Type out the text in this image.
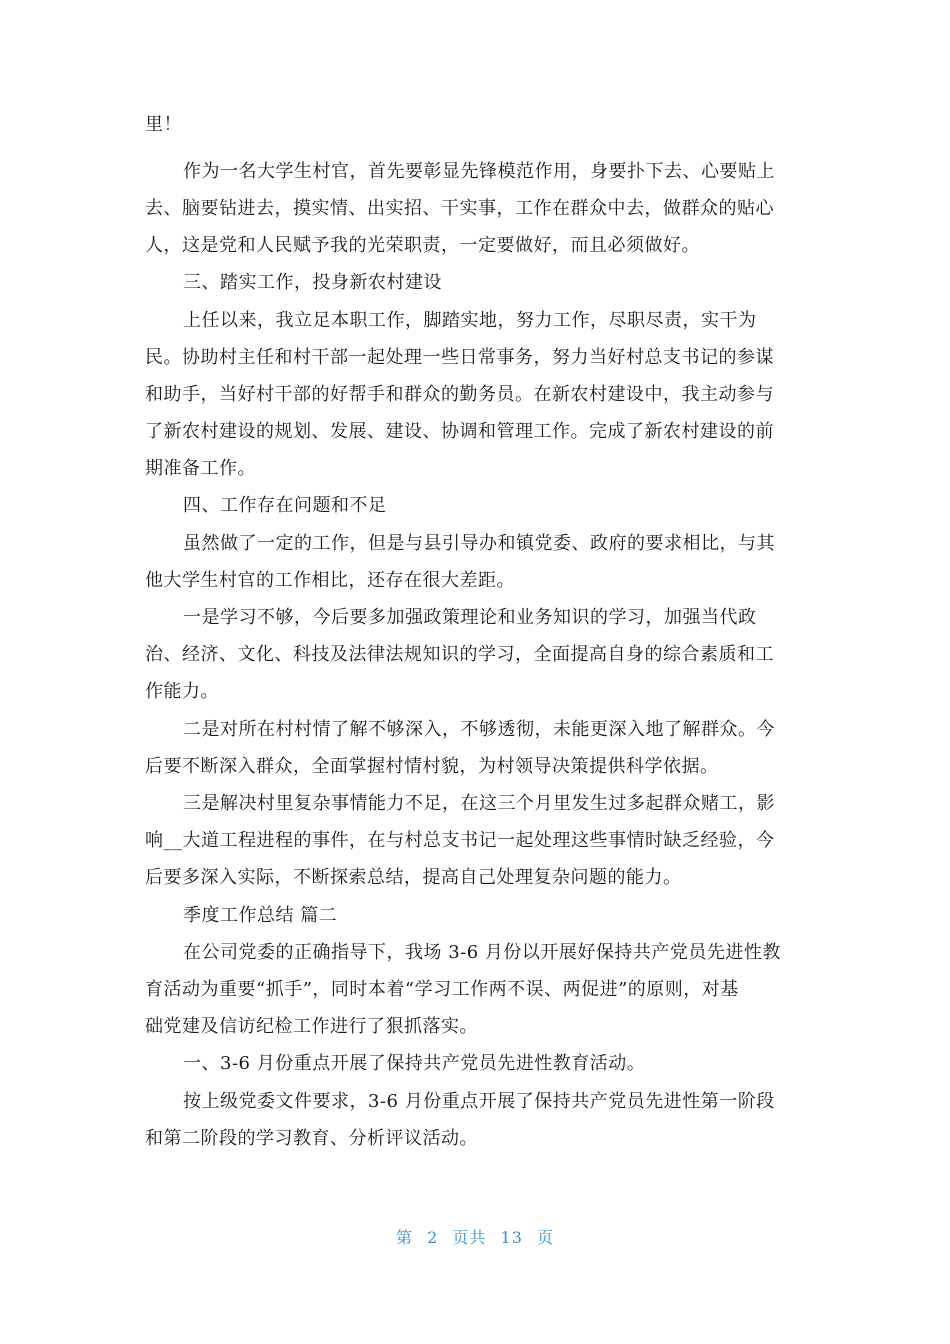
里！
作为一名大学生村官，首先要彰显先锋模范作用，身要扑下去、心要贴上
去、脑要钻进去，摸实情、出实招、干实事，工作在群众中去，做群众的贴心
人，这是党和人民赋予我的光荣职责，一定要做好，而且必须做好。
三、踏实工作，投身新农村建设
上任以来，我立足本职工作，脚踏实地，努力工作，尽职尽责，实干为
民。协助村主任和村干部一起处理一些日常事务，努力当好村总支书记的参谋
和助手，当好村干部的好帮手和群众的勤务员。在新农村建设中，我主动参与
了新农村建设的规划、发展、建设、协调和管理工作。完成了新农村建设的前
期准备工作。
四、工作存在问题和不足
虽然做了一定的工作，但是与县引导办和镇党委、政府的要求相比，与其
他大学生村官的工作相比，还存在很大差距。
一是学习不够，今后要多加强政策理论和业务知识的学习，加强当代政
治、经济、文化、科技及法律法规知识的学习，全面提高自身的综合素质和工
作能力。
二是对所在村村情了解不够深入，不够透彻，未能更深入地了解群众。今
后要不断深入群众，全面掌握村情村貌，为村领导决策提供科学依据。
三是解决村里复杂事情能力不足，在这三个月里发生过多起群众赌工，影
响__大道工程进程的事件，在与村总支书记一起处理这些事情时缺乏经验，今
后要多深入实际，不断探索总结，提高自己处理复杂问题的能力。
季度工作总结 篇二
在公司党委的正确指导下，我场 3-6 月份以开展好保持共产党员先进性教
育活动为重要“抓手”，同时本着“学习工作两不误、两促进”的原则，对基
础党建及信访纪检工作进行了狠抓落实。
一、3-6 月份重点开展了保持共产党员先进性教育活动。
按上级党委文件要求，3-6 月份重点开展了保持共产党员先进性第一阶段
和第二阶段的学习教育、分析评议活动。
第 2 页共 13 页
